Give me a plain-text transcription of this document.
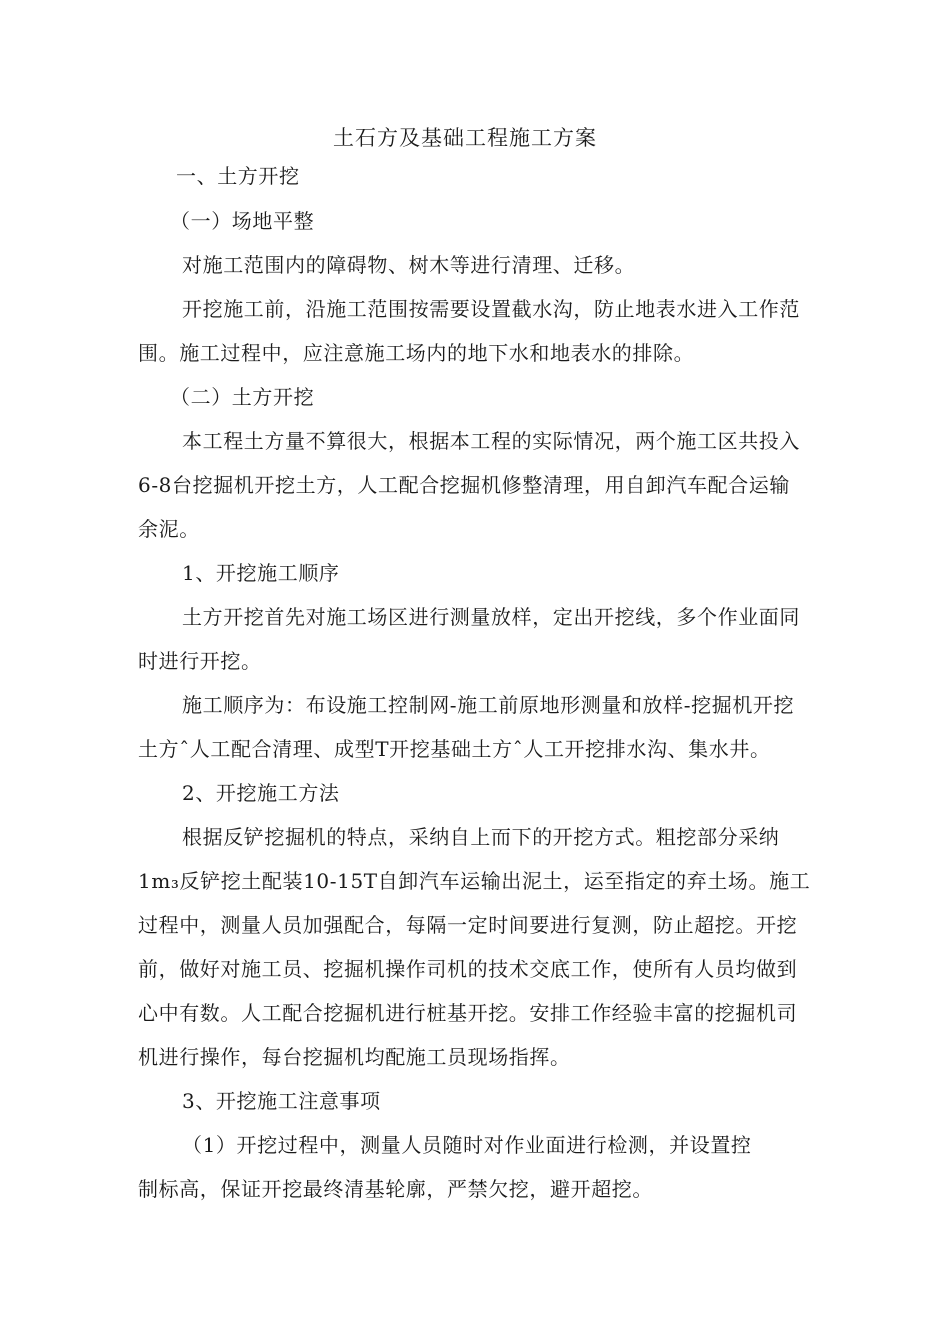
土石方及基础工程施工方案
一、土方开挖
（一）场地平整
对施工范围内的障碍物、树木等进行清理、迁移。
开挖施工前，沿施工范围按需要设置截水沟，防止地表水进入工作范
围。施工过程中，应注意施工场内的地下水和地表水的排除。
（二）土方开挖
本工程土方量不算很大，根据本工程的实际情况，两个施工区共投入
6-8台挖掘机开挖土方，人工配合挖掘机修整清理，用自卸汽车配合运输
余泥。
1、开挖施工顺序
土方开挖首先对施工场区进行测量放样，定出开挖线，多个作业面同
时进行开挖。
施工顺序为：布设施工控制网-施工前原地形测量和放样-挖掘机开挖
土方ˆ人工配合清理、成型T开挖基础土方ˆ人工开挖排水沟、集水井。
2、开挖施工方法
根据反铲挖掘机的特点，采纳自上而下的开挖方式。粗挖部分采纳
1m₃反铲挖土配装10-15T自卸汽车运输出泥土，运至指定的弃土场。施工
过程中，测量人员加强配合，每隔一定时间要进行复测，防止超挖。开挖
前，做好对施工员、挖掘机操作司机的技术交底工作，使所有人员均做到
心中有数。人工配合挖掘机进行桩基开挖。安排工作经验丰富的挖掘机司
机进行操作，每台挖掘机均配施工员现场指挥。
3、开挖施工注意事项
（1）开挖过程中，测量人员随时对作业面进行检测，并设置控
制标高，保证开挖最终清基轮廓，严禁欠挖，避开超挖。
